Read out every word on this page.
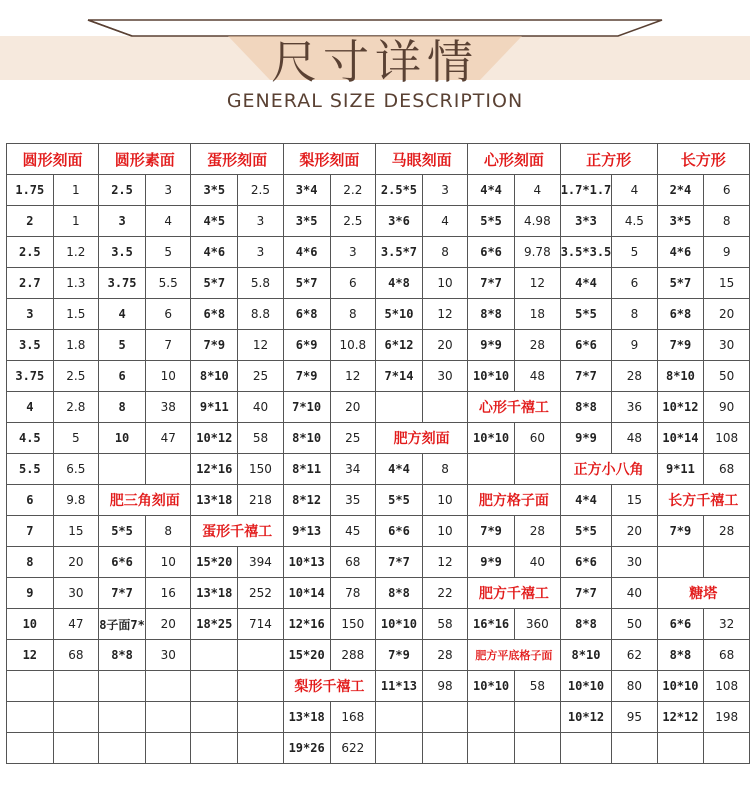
尺寸详情
GENERAL SIZE DESCRIPTION
圆形刻面		圆形素面		蛋形刻面		梨形刻面		马眼刻面		心形刻面		正方形		长方形	
1.75	1	2.5	3	3*5	2.5	3*4	2.2	2.5*5	3	4*4	4	1.7*1.7	4	2*4	6
2	1	3	4	4*5	3	3*5	2.5	3*6	4	5*5	4.98	3*3	4.5	3*5	8
2.5	1.2	3.5	5	4*6	3	4*6	3	3.5*7	8	6*6	9.78	3.5*3.5	5	4*6	9
2.7	1.3	3.75	5.5	5*7	5.8	5*7	6	4*8	10	7*7	12	4*4	6	5*7	15
3	1.5	4	6	6*8	8.8	6*8	8	5*10	12	8*8	18	5*5	8	6*8	20
3.5	1.8	5	7	7*9	12	6*9	10.8	6*12	20	9*9	28	6*6	9	7*9	30
3.75	2.5	6	10	8*10	25	7*9	12	7*14	30	10*10	48	7*7	28	8*10	50
4	2.8	8	38	9*11	40	7*10	20			心形千禧工		8*8	36	10*12	90
4.5	5	10	47	10*12	58	8*10	25	肥方刻面		10*10	60	9*9	48	10*14	108
5.5	6.5			12*16	150	8*11	34	4*4	8			正方小八角		9*11	68
6	9.8	肥三角刻面		13*18	218	8*12	35	5*5	10	肥方格子面		4*4	15	长方千禧工	
7	15	5*5	8	蛋形千禧工		9*13	45	6*6	10	7*9	28	5*5	20	7*9	28
8	20	6*6	10	15*20	394	10*13	68	7*7	12	9*9	40	6*6	30		
9	30	7*7	16	13*18	252	10*14	78	8*8	22	肥方千禧工		7*7	40	糖塔	
10	47	8子面7*	20	18*25	714	12*16	150	10*10	58	16*16	360	8*8	50	6*6	32
12	68	8*8	30			15*20	288	7*9	28	肥方平底格子面		8*10	62	8*8	68
						梨形千禧工		11*13	98	10*10	58	10*10	80	10*10	108
						13*18	168					10*12	95	12*12	198
						19*26	622								
